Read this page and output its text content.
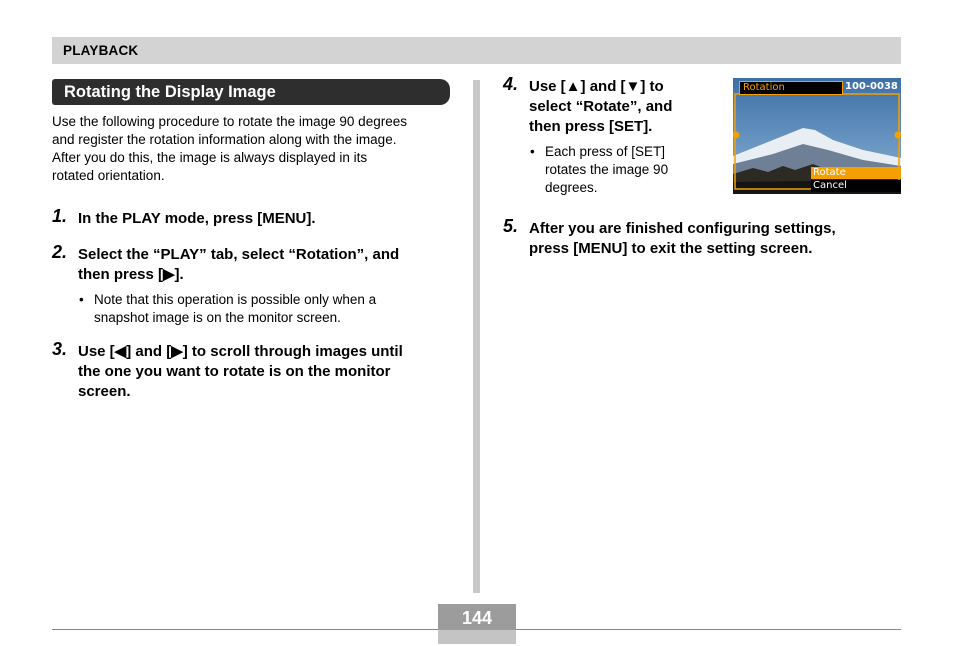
PLAYBACK
Rotating the Display Image
Use the following procedure to rotate the image 90 degrees
and register the rotation information along with the image.
After you do this, the image is always displayed in its
rotated orientation.
1. In the PLAY mode, press [MENU].
2. Select the “PLAY” tab, select “Rotation”, and
then press [▶].
• Note that this operation is possible only when a
snapshot image is on the monitor screen.
3. Use [◀] and [▶] to scroll through images until
the one you want to rotate is on the monitor
screen.
4. Use [▲] and [▼] to
select “Rotate”, and
then press [SET].
• Each press of [SET]
rotates the image 90
degrees.
Rotation	100-0038
Rotate
Cancel
5. After you are finished configuring settings,
press [MENU] to exit the setting screen.
144
